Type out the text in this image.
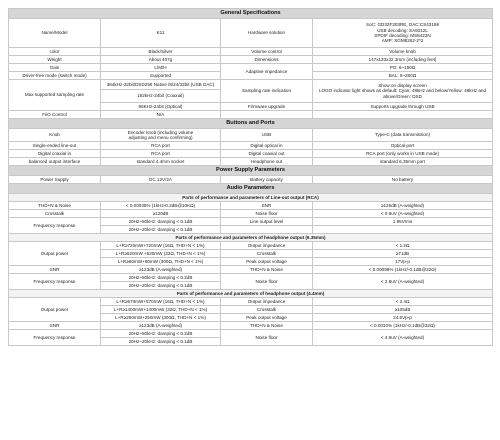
General Specifications			
Name/Model	K11	Hardware solution	SoC: GD32F303RE, DAC:CS43198
USB decoding: SA9312L
SPDIF decoding: MS8422N
AMP: SGM8262-2*2

color	Black/Silver	Volume control	Volume knob
Weight	About 407g	Dimensions	147x133x32.3mm (including feet)
Gain	L/M/H	Adaptive impedance	PO: 6~150Ω
Driver-free mode (switch mode)	Supported		BAL: 8~300Ω
Max supported sampling rate	384kHz-32bit/DSD256 Native /8/24/32bit (USB DAC)	Sampling rate indication	Show on display screen
LOGO indicator light shows as default: Cyan: 48kHz and below/Yellow: 48kHz and above/Green: DSD

	192kHz-24bit (Coaxial)		
	96KHz-24bit (Optical)	Firmware upgrade	Supports upgrade through USB
FiiO Control	N/A		
Buttons and Ports			
Knob	Encoder knob (including volume
adjusting and menu confirming)	USB	Type-C (data transmission)
Single-ended line-out	RCA port	Digital optical in	Optical port
Digital coaxial in	RCA port	Digital coaxial out	RCA port (only works in USB mode)
balanced output interface	standard 4.4mm socket	Headphone out	standard 6.35mm port
Power Supply Parameters			
Power Supply	DC 12V/2A	Battery capacity	No battery
Audio Parameters			
Parts of performance and parameters of Line-out output (RCA)			
THD+N & Noise	< 0.00035% (1kHz-0.3dB@10KΩ)	SNR	≥126dB (A-weighted)
Crosstalk	≥120dB	Noise floor	< 0.9uV (A-weighted)
Frequency response	20Hz~50kHz: damping < 0.1dB	Line output level	1.95Vrms
	20Hz~20kHz: damping < 0.1dB		
Parts of performance and parameters of headphone output (6.35mm)			
Output power	L+R≥720mW+720mW (16Ω, THD+N < 1%)	Output impedance	< 1.2Ω
	L+R≥520mW +520mW (32Ω, THD+N < 1%)	Crosstalk	≥71dB
	L+R≥60mW+60mW (300Ω, THD+N < 1%)	Peak output voltage	17Vp-p
SNR	≥123dB (A-weighted)	THD+N & Noise	< 0.00099% (1kHz/-0.1dB@32Ω)
Frequency response	20Hz~50kHz: damping < 0.2dB	Noise floor	< 2.8uV (A-weighted)
	20Hz~20kHz: damping < 0.1dB		
Parts of performance and parameters of headphone output (4.4mm)			
Output power	L+R≥570mW+570mW (16Ω, THD+N < 1%)	Output impedance	< 2.4Ω
	L+R≥1400mW+1400mW (32Ω, THD+N < 1%)	Crosstalk	≥105dB
	L+R≥250mW+250mW (300Ω, THD+N < 1%)	Peak output voltage	24.5Vp-p
SNR	≥123dB (A-weighted)	THD+N & Noise	< 0.0010% (1kHz/-0.1dB@32Ω)
Frequency response	20Hz~50kHz: damping < 0.2dB	Noise floor	< 4.9uV (A-weighted)
	20Hz~20kHz: damping < 0.1dB		
